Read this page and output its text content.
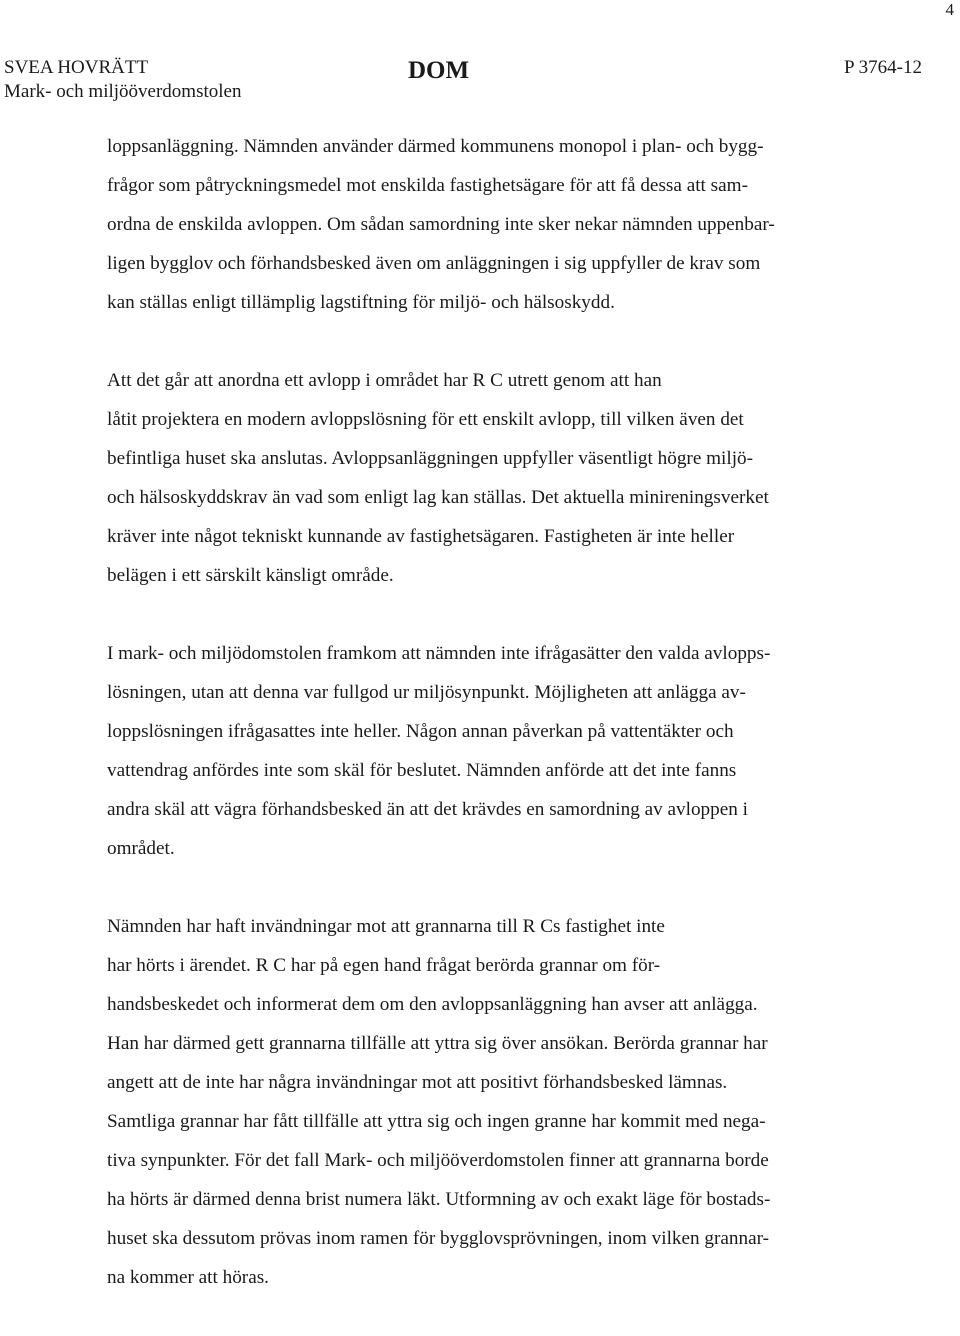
4
SVEA HOVRÄTT
Mark- och miljööverdomstolen
DOM	P 3764-12

loppsanläggning. Nämnden använder därmed kommunens monopol i plan- och bygg-
frågor som påtryckningsmedel mot enskilda fastighetsägare för att få dessa att sam-
ordna de enskilda avloppen. Om sådan samordning inte sker nekar nämnden uppenbar-
ligen bygglov och förhandsbesked även om anläggningen i sig uppfyller de krav som
kan ställas enligt tillämplig lagstiftning för miljö- och hälsoskydd.

Att det går att anordna ett avlopp i området har R C utrett genom att han
låtit projektera en modern avloppslösning för ett enskilt avlopp, till vilken även det
befintliga huset ska anslutas. Avloppsanläggningen uppfyller väsentligt högre miljö-
och hälsoskyddskrav än vad som enligt lag kan ställas. Det aktuella minireningsverket
kräver inte något tekniskt kunnande av fastighetsägaren. Fastigheten är inte heller
belägen i ett särskilt känsligt område.

I mark- och miljödomstolen framkom att nämnden inte ifrågasätter den valda avlopps-
lösningen, utan att denna var fullgod ur miljösynpunkt. Möjligheten att anlägga av-
loppslösningen ifrågasattes inte heller. Någon annan påverkan på vattentäkter och
vattendrag anfördes inte som skäl för beslutet. Nämnden anförde att det inte fanns
andra skäl att vägra förhandsbesked än att det krävdes en samordning av avloppen i
området.

Nämnden har haft invändningar mot att grannarna till R Cs fastighet inte
har hörts i ärendet. R C har på egen hand frågat berörda grannar om för-
handsbeskedet och informerat dem om den avloppsanläggning han avser att anlägga.
Han har därmed gett grannarna tillfälle att yttra sig över ansökan. Berörda grannar har
angett att de inte har några invändningar mot att positivt förhandsbesked lämnas.
Samtliga grannar har fått tillfälle att yttra sig och ingen granne har kommit med nega-
tiva synpunkter. För det fall Mark- och miljööverdomstolen finner att grannarna borde
ha hörts är därmed denna brist numera läkt. Utformning av och exakt läge för bostads-
huset ska dessutom prövas inom ramen för bygglovsprövningen, inom vilken grannar-
na kommer att höras.
